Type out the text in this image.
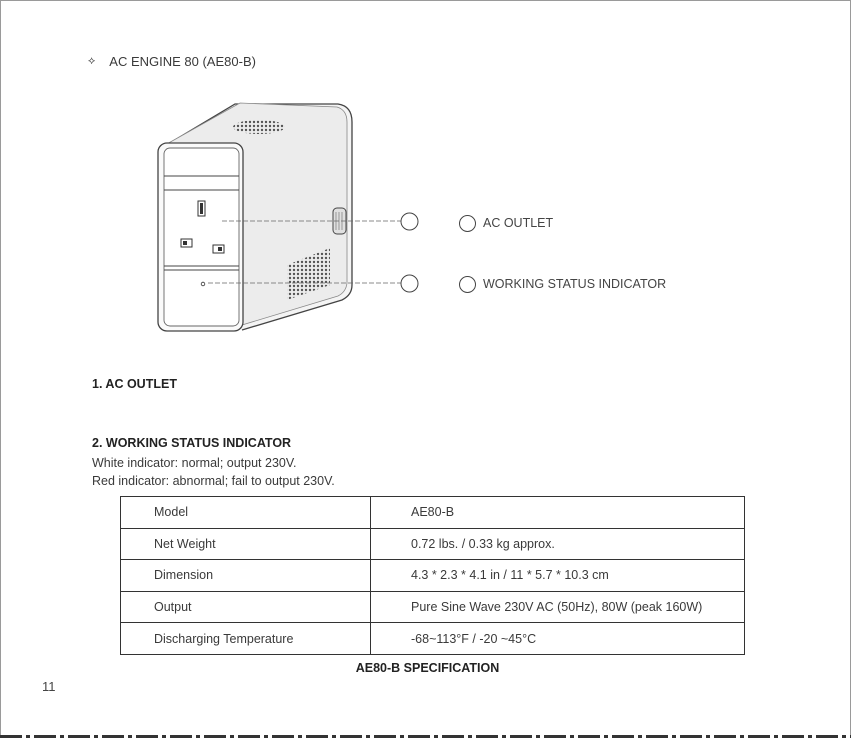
⟡ AC ENGINE 80 (AE80-B)
AC OUTLET
WORKING STATUS INDICATOR
1. AC OUTLET
2. WORKING STATUS INDICATOR
White indicator: normal; output 230V.
Red indicator: abnormal; fail to output 230V.
Model	AE80-B
Net Weight	0.72 lbs. / 0.33 kg approx.
Dimension	4.3 * 2.3 * 4.1 in / 11 * 5.7 * 10.3 cm
Output	Pure Sine Wave 230V AC (50Hz), 80W (peak 160W)
Discharging Temperature	-68~113°F / -20 ~45°C
AE80-B SPECIFICATION
11
